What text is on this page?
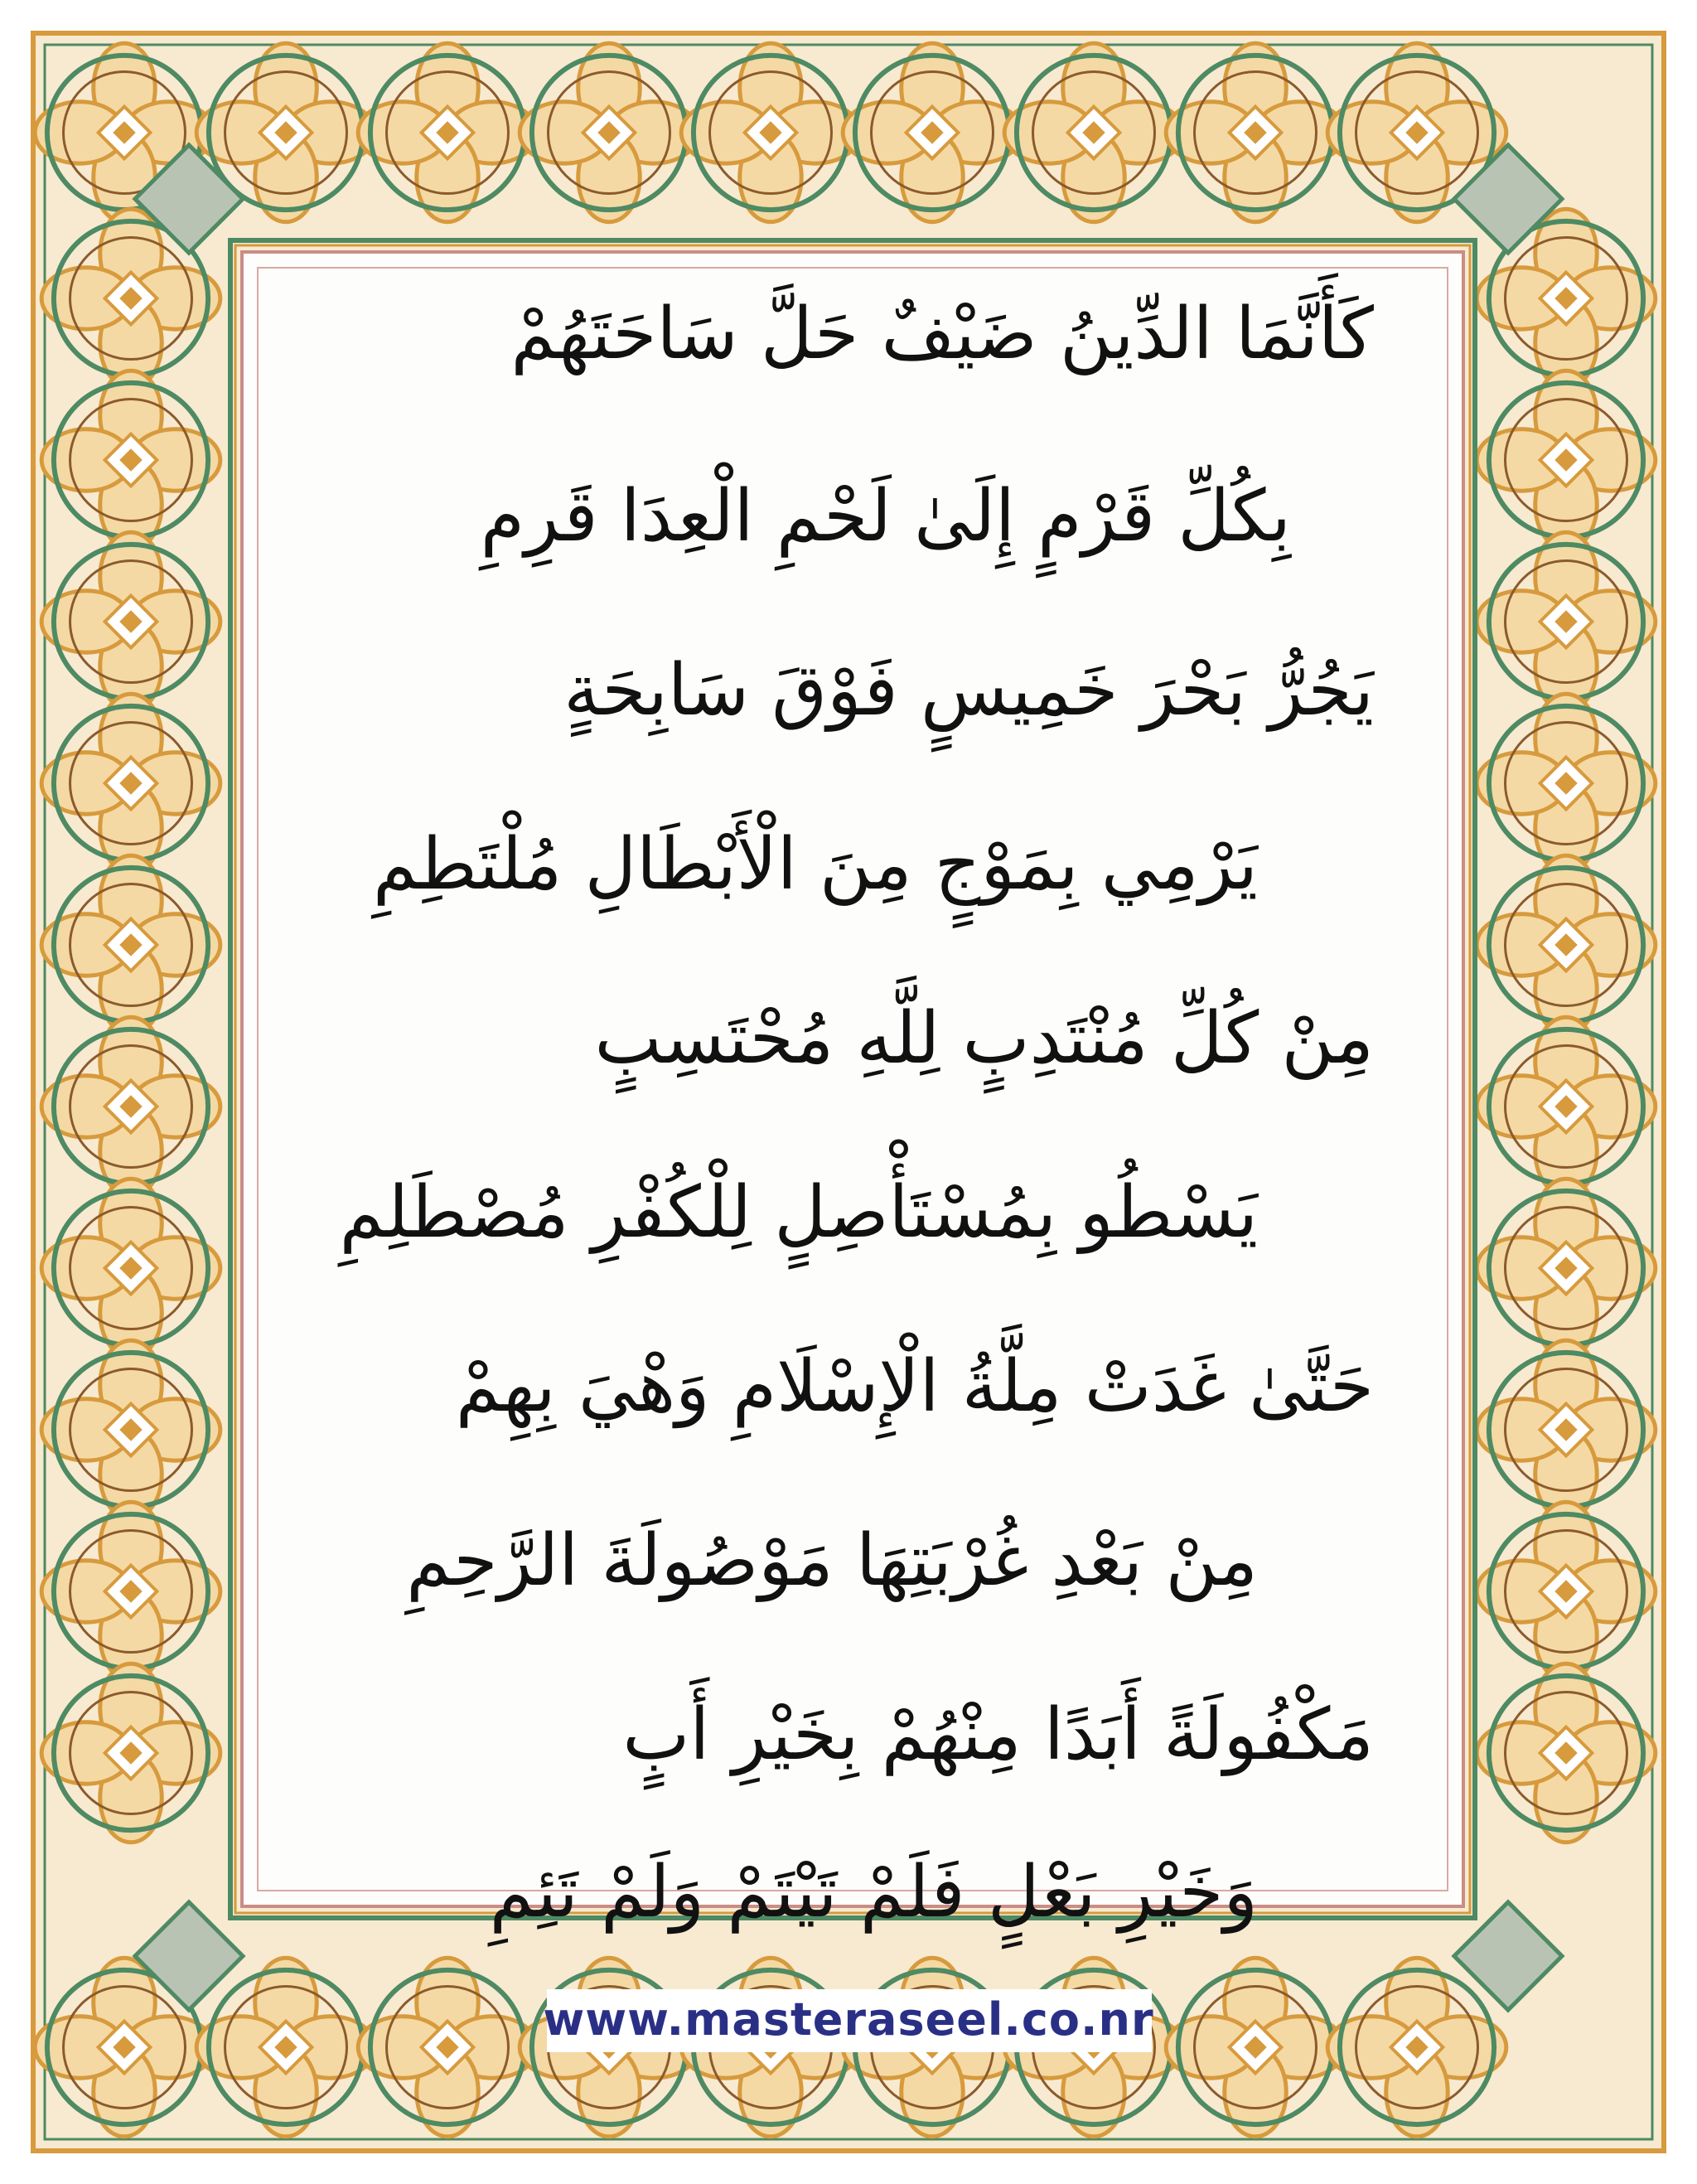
كَأَنَّمَا الدِّينُ ضَيْفٌ حَلَّ سَاحَتَهُمْ
بِكُلِّ قَرْمٍ إِلَىٰ لَحْمِ الْعِدَا قَرِمِ
يَجُرُّ بَحْرَ خَمِيسٍ فَوْقَ سَابِحَةٍ
يَرْمِي بِمَوْجٍ مِنَ الْأَبْطَالِ مُلْتَطِمِ
مِنْ كُلِّ مُنْتَدِبٍ لِلَّهِ مُحْتَسِبٍ
يَسْطُو بِمُسْتَأْصِلٍ لِلْكُفْرِ مُصْطَلِمِ
حَتَّىٰ غَدَتْ مِلَّةُ الْإِسْلَامِ وَهْيَ بِهِمْ
مِنْ بَعْدِ غُرْبَتِهَا مَوْصُولَةَ الرَّحِمِ
مَكْفُولَةً أَبَدًا مِنْهُمْ بِخَيْرِ أَبٍ
وَخَيْرِ بَعْلٍ فَلَمْ تَيْتَمْ وَلَمْ تَئِمِ
www.masteraseel.co.nr
